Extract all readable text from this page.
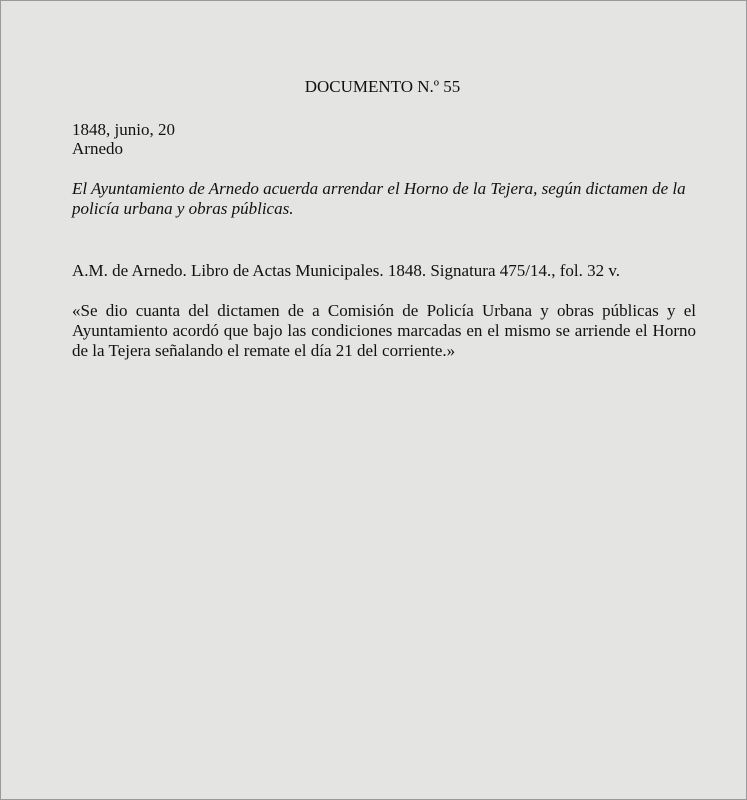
DOCUMENTO N.º 55
1848, junio, 20
Arnedo
El Ayuntamiento de Arnedo acuerda arrendar el Horno de la Tejera, según dictamen de la policía urbana y obras públicas.
A.M. de Arnedo. Libro de Actas Municipales. 1848. Signatura 475/14., fol. 32 v.
«Se dio cuanta del dictamen de a Comisión de Policía Urbana y obras públicas y el Ayuntamiento acordó que bajo las condiciones marcadas en el mismo se arriende el Horno de la Tejera señalando el remate el día 21 del corriente.»
